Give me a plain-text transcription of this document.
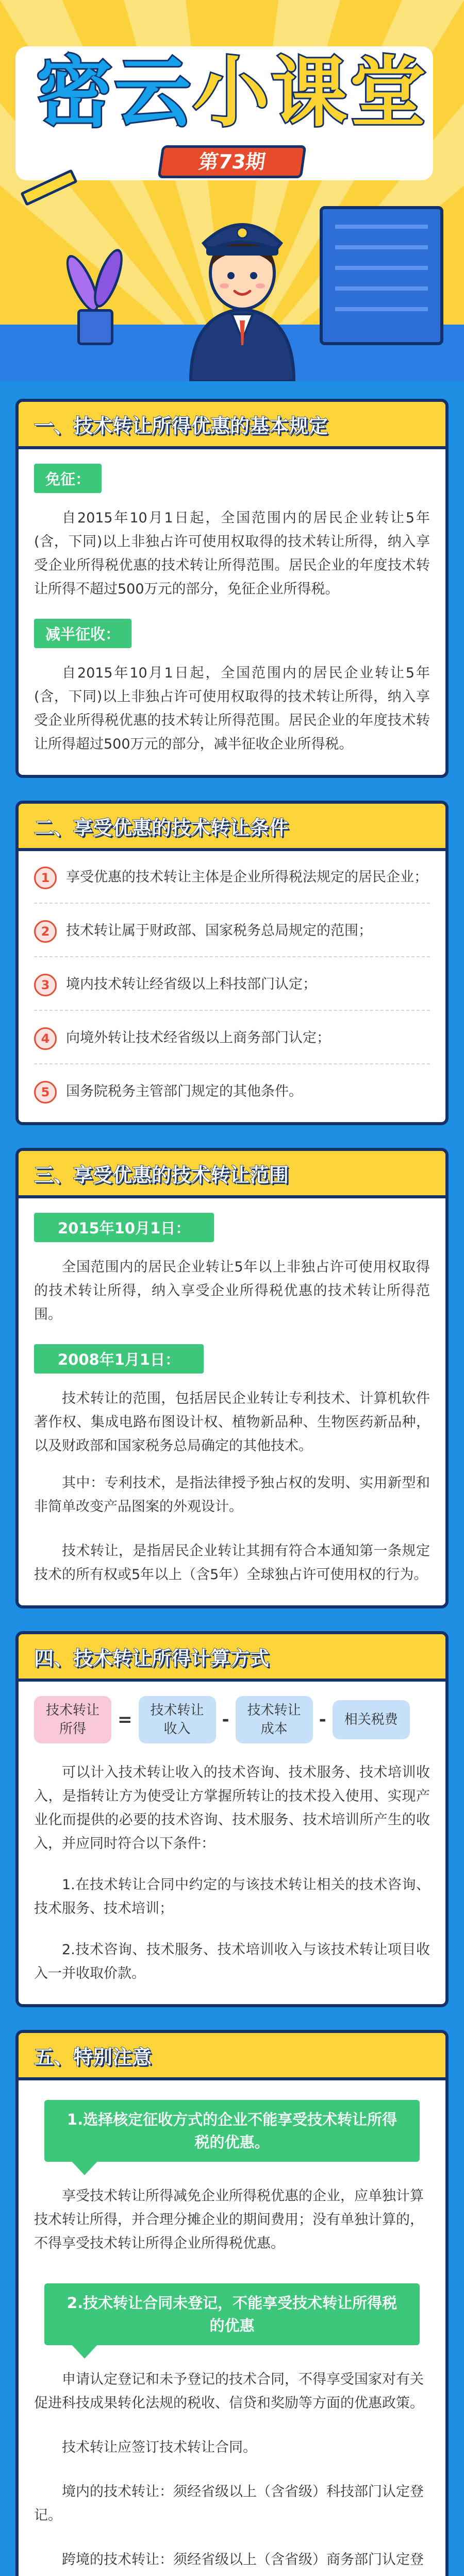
密云小课堂
第73期
一、技术转让所得优惠的基本规定
免征：

自2015年10月1日起，全国范围内的居民企业转让5年(含，下同)以上非独占许可使用权取得的技术转让所得，纳入享受企业所得税优惠的技术转让所得范围。居民企业的年度技术转让所得不超过500万元的部分，免征企业所得税。

减半征收：

自2015年10月1日起，全国范围内的居民企业转让5年(含，下同)以上非独占许可使用权取得的技术转让所得，纳入享受企业所得税优惠的技术转让所得范围。居民企业的年度技术转让所得超过500万元的部分，减半征收企业所得税。

二、享受优惠的技术转让条件
1	享受优惠的技术转让主体是企业所得税法规定的居民企业；
2	技术转让属于财政部、国家税务总局规定的范围；
3	境内技术转让经省级以上科技部门认定；
4	向境外转让技术经省级以上商务部门认定；
5	国务院税务主管部门规定的其他条件。
三、享受优惠的技术转让范围
2015年10月1日：

全国范围内的居民企业转让5年以上非独占许可使用权取得的技术转让所得，纳入享受企业所得税优惠的技术转让所得范围。

2008年1月1日：

技术转让的范围，包括居民企业转让专利技术、计算机软件著作权、集成电路布图设计权、植物新品种、生物医药新品种，以及财政部和国家税务总局确定的其他技术。

其中：专利技术，是指法律授予独占权的发明、实用新型和非简单改变产品图案的外观设计。

技术转让，是指居民企业转让其拥有符合本通知第一条规定技术的所有权或5年以上（含5年）全球独占许可使用权的行为。

四、技术转让所得计算方式
技术转让所得	=	技术转让收入	-	技术转让成本	-	相关税费

可以计入技术转让收入的技术咨询、技术服务、技术培训收入，是指转让方为使受让方掌握所转让的技术投入使用、实现产业化而提供的必要的技术咨询、技术服务、技术培训所产生的收入，并应同时符合以下条件：

1.在技术转让合同中约定的与该技术转让相关的技术咨询、技术服务、技术培训；

2.技术咨询、技术服务、技术培训收入与该技术转让项目收入一并收取价款。

五、特别注意
1.选择核定征收方式的企业不能享受技术转让所得税的优惠。

享受技术转让所得减免企业所得税优惠的企业，应单独计算技术转让所得，并合理分摊企业的期间费用；没有单独计算的，不得享受技术转让所得企业所得税优惠。

2.技术转让合同未登记，不能享受技术转让所得税的优惠

申请认定登记和未予登记的技术合同，不得享受国家对有关促进科技成果转化法规的税收、信贷和奖励等方面的优惠政策。

技术转让应签订技术转让合同。

境内的技术转让：须经省级以上（含省级）科技部门认定登记。

跨境的技术转让：须经省级以上（含省级）商务部门认定登
